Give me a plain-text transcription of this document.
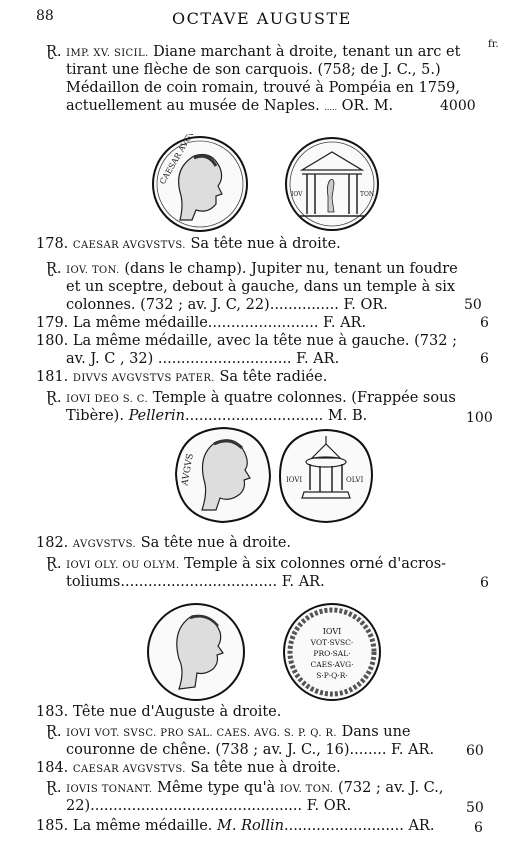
88	OCTAVE AUGUSTE
fr.
Ɽ. IMP. XV. SICIL. Diane marchant à droite, tenant un arc et
tirant une flèche de son carquois. (758; de J. C., 5.)
Médaillon de coin romain, trouvé à Pompéia en 1759,
actuellement au musée de Naples. ..... OR. M.	4000
IOV	TON
178. CAESAR AVGVSTVS. Sa tête nue à droite.
Ɽ. IOV. TON. (dans le champ). Jupiter nu, tenant un foudre
et un sceptre, debout à gauche, dans un temple à six
colonnes. (732 ; av. J. C, 22)............... F. OR.	50
179. La même médaille........................ F. AR.	6
180. La même médaille, avec la tête nue à gauche. (732 ;
av. J. C , 32) ............................. F. AR.	6
181. DIVVS AVGVSTVS PATER. Sa tête radiée.
Ɽ. IOVI DEO S. C. Temple à quatre colonnes. (Frappée sous
Tibère). Pellerin.............................. M. B.	100
AVGVS	IOVI	OLVI
182. AVGVSTVS. Sa tête nue à droite.
Ɽ. IOVI OLY. OU OLYM. Temple à six colonnes orné d'acros-
toliums.................................. F. AR.	6
IOVI
VOT·SVSC·
PRO·SAL·
CAES·AVG·
S·P·Q·R·
183. Tête nue d'Auguste à droite.
Ɽ. IOVI VOT. SVSC. PRO SAL. CAES. AVG. S. P. Q. R. Dans une
couronne de chêne. (738 ; av. J. C., 16)........ F. AR. 60
184. CAESAR AVGVSTVS. Sa tête nue à droite.
Ɽ. IOVIS TONANT. Même type qu'à IOV. TON. (732 ; av. J. C.,
22).............................................. F. OR.	50
185. La même médaille. M. Rollin.......................... AR.	6
